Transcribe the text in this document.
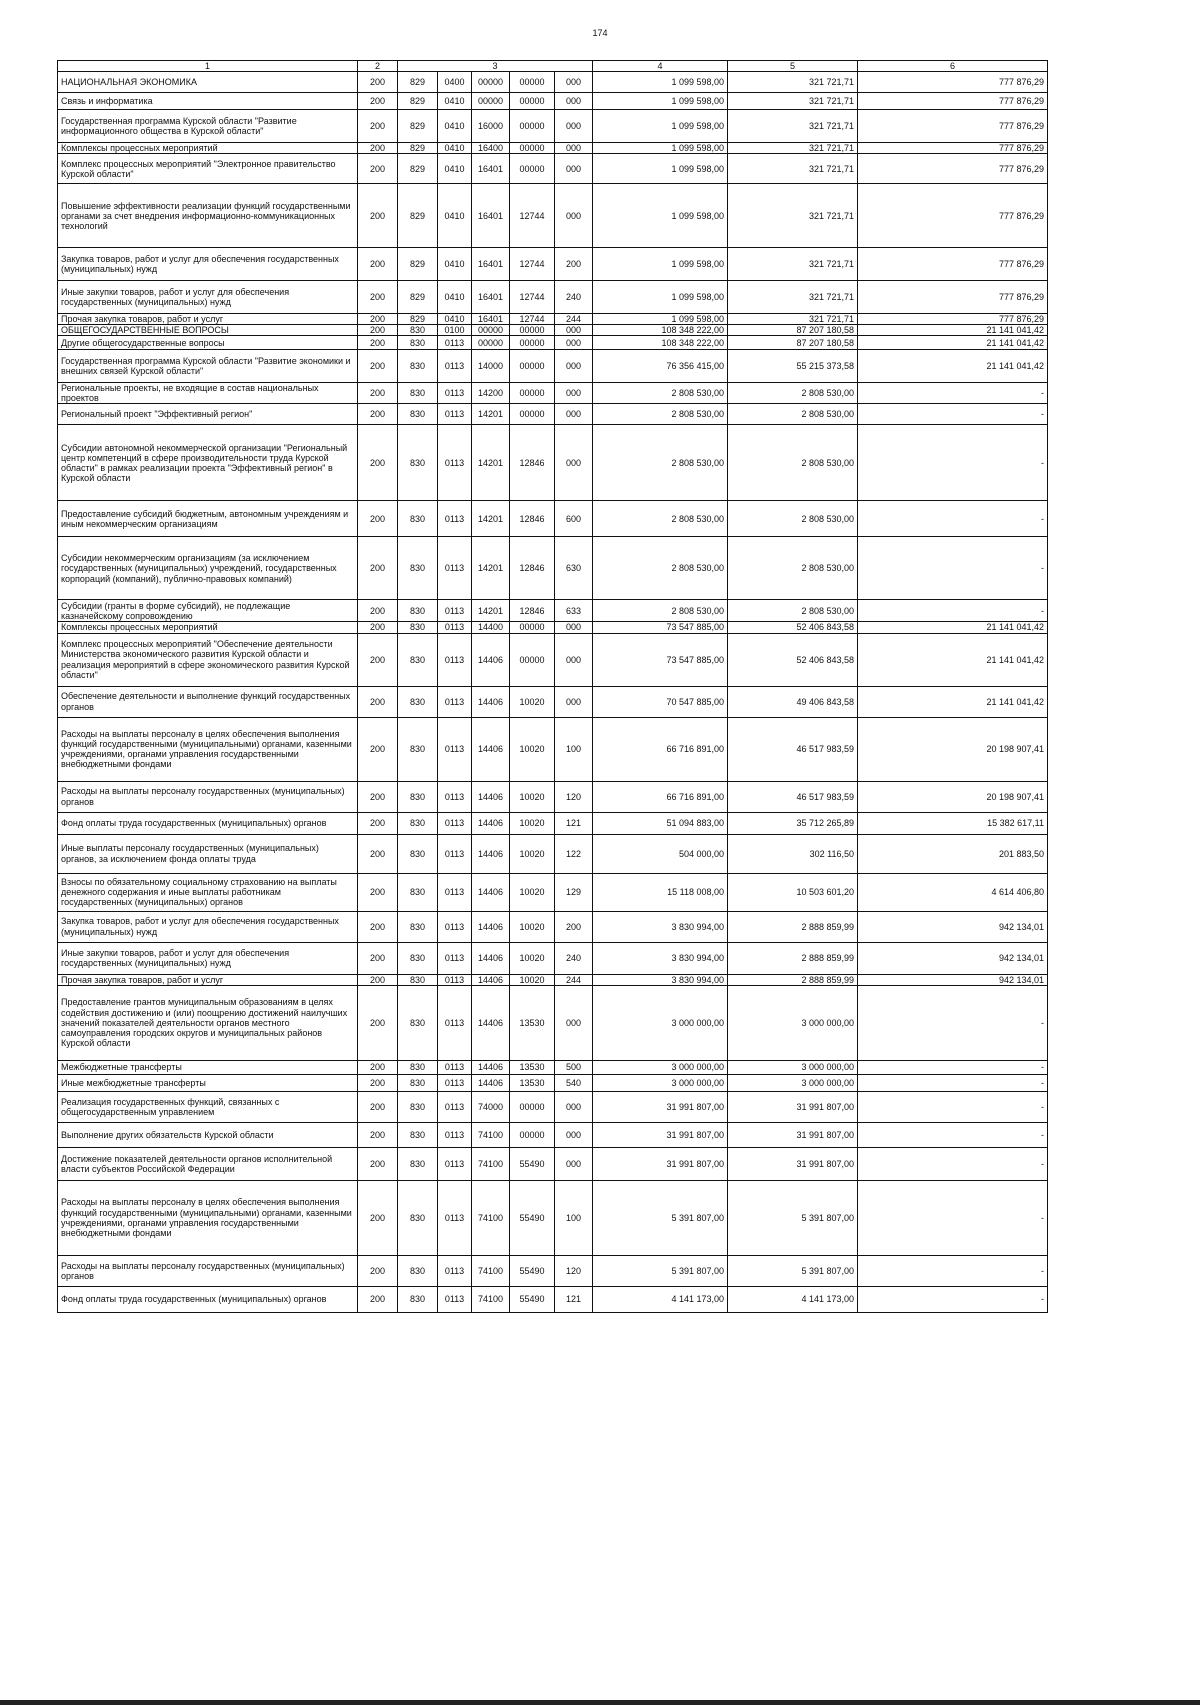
174
1	2	3					4	5	6
НАЦИОНАЛЬНАЯ ЭКОНОМИКА	200	829	0400	00000	00000	000	1 099 598,00	321 721,71	777 876,29
Связь и информатика	200	829	0410	00000	00000	000	1 099 598,00	321 721,71	777 876,29
Государственная программа Курской области "Развитие информационного общества в Курской области"	200	829	0410	16000	00000	000	1 099 598,00	321 721,71	777 876,29
Комплексы процессных мероприятий	200	829	0410	16400	00000	000	1 099 598,00	321 721,71	777 876,29
Комплекс процессных мероприятий "Электронное правительство Курской области"	200	829	0410	16401	00000	000	1 099 598,00	321 721,71	777 876,29
Повышение эффективности реализации функций государственными органами за счет внедрения информационно-коммуникационных технологий	200	829	0410	16401	12744	000	1 099 598,00	321 721,71	777 876,29
Закупка товаров, работ и услуг для обеспечения государственных (муниципальных) нужд	200	829	0410	16401	12744	200	1 099 598,00	321 721,71	777 876,29
Иные закупки товаров, работ и услуг для обеспечения государственных (муниципальных) нужд	200	829	0410	16401	12744	240	1 099 598,00	321 721,71	777 876,29
Прочая закупка товаров, работ и услуг	200	829	0410	16401	12744	244	1 099 598,00	321 721,71	777 876,29
ОБЩЕГОСУДАРСТВЕННЫЕ ВОПРОСЫ	200	830	0100	00000	00000	000	108 348 222,00	87 207 180,58	21 141 041,42
Другие общегосударственные вопросы	200	830	0113	00000	00000	000	108 348 222,00	87 207 180,58	21 141 041,42
Государственная программа Курской области "Развитие экономики и внешних связей Курской области"	200	830	0113	14000	00000	000	76 356 415,00	55 215 373,58	21 141 041,42
Региональные проекты, не входящие в состав национальных проектов	200	830	0113	14200	00000	000	2 808 530,00	2 808 530,00	-
Региональный проект "Эффективный регион"	200	830	0113	14201	00000	000	2 808 530,00	2 808 530,00	-
Субсидии автономной некоммерческой организации "Региональный центр компетенций в сфере производительности труда Курской области" в рамках реализации проекта "Эффективный регион" в Курской области	200	830	0113	14201	12846	000	2 808 530,00	2 808 530,00	-
Предоставление субсидий бюджетным, автономным учреждениям и иным некоммерческим организациям	200	830	0113	14201	12846	600	2 808 530,00	2 808 530,00	-
Субсидии некоммерческим организациям (за исключением государственных (муниципальных) учреждений, государственных корпораций (компаний), публично-правовых компаний)	200	830	0113	14201	12846	630	2 808 530,00	2 808 530,00	-
Субсидии (гранты в форме субсидий), не подлежащие казначейскому сопровождению	200	830	0113	14201	12846	633	2 808 530,00	2 808 530,00	-
Комплексы процессных мероприятий	200	830	0113	14400	00000	000	73 547 885,00	52 406 843,58	21 141 041,42
Комплекс процессных мероприятий "Обеспечение деятельности Министерства экономического развития Курской области и реализация мероприятий в сфере экономического развития Курской области"	200	830	0113	14406	00000	000	73 547 885,00	52 406 843,58	21 141 041,42
Обеспечение деятельности и выполнение функций государственных органов	200	830	0113	14406	10020	000	70 547 885,00	49 406 843,58	21 141 041,42
Расходы на выплаты персоналу в целях обеспечения выполнения функций государственными (муниципальными) органами, казенными учреждениями, органами управления государственными внебюджетными фондами	200	830	0113	14406	10020	100	66 716 891,00	46 517 983,59	20 198 907,41
Расходы на выплаты персоналу государственных (муниципальных) органов	200	830	0113	14406	10020	120	66 716 891,00	46 517 983,59	20 198 907,41
Фонд оплаты труда государственных (муниципальных) органов	200	830	0113	14406	10020	121	51 094 883,00	35 712 265,89	15 382 617,11
Иные выплаты персоналу государственных (муниципальных) органов, за исключением фонда оплаты труда	200	830	0113	14406	10020	122	504 000,00	302 116,50	201 883,50
Взносы по обязательному социальному страхованию на выплаты денежного содержания и иные выплаты работникам государственных (муниципальных) органов	200	830	0113	14406	10020	129	15 118 008,00	10 503 601,20	4 614 406,80
Закупка товаров, работ и услуг для обеспечения государственных (муниципальных) нужд	200	830	0113	14406	10020	200	3 830 994,00	2 888 859,99	942 134,01
Иные закупки товаров, работ и услуг для обеспечения государственных (муниципальных) нужд	200	830	0113	14406	10020	240	3 830 994,00	2 888 859,99	942 134,01
Прочая закупка товаров, работ и услуг	200	830	0113	14406	10020	244	3 830 994,00	2 888 859,99	942 134,01
Предоставление грантов муниципальным образованиям в целях содействия достижению и (или) поощрению достижений наилучших значений показателей деятельности органов местного самоуправления городских округов и муниципальных районов Курской области	200	830	0113	14406	13530	000	3 000 000,00	3 000 000,00	-
Межбюджетные трансферты	200	830	0113	14406	13530	500	3 000 000,00	3 000 000,00	-
Иные межбюджетные трансферты	200	830	0113	14406	13530	540	3 000 000,00	3 000 000,00	-
Реализация государственных функций, связанных с общегосударственным управлением	200	830	0113	74000	00000	000	31 991 807,00	31 991 807,00	-
Выполнение других обязательств Курской области	200	830	0113	74100	00000	000	31 991 807,00	31 991 807,00	-
Достижение показателей деятельности органов исполнительной власти субъектов Российской Федерации	200	830	0113	74100	55490	000	31 991 807,00	31 991 807,00	-
Расходы на выплаты персоналу в целях обеспечения выполнения функций государственными (муниципальными) органами, казенными учреждениями, органами управления государственными внебюджетными фондами	200	830	0113	74100	55490	100	5 391 807,00	5 391 807,00	-
Расходы на выплаты персоналу государственных (муниципальных) органов	200	830	0113	74100	55490	120	5 391 807,00	5 391 807,00	-
Фонд оплаты труда государственных (муниципальных) органов	200	830	0113	74100	55490	121	4 141 173,00	4 141 173,00	-
